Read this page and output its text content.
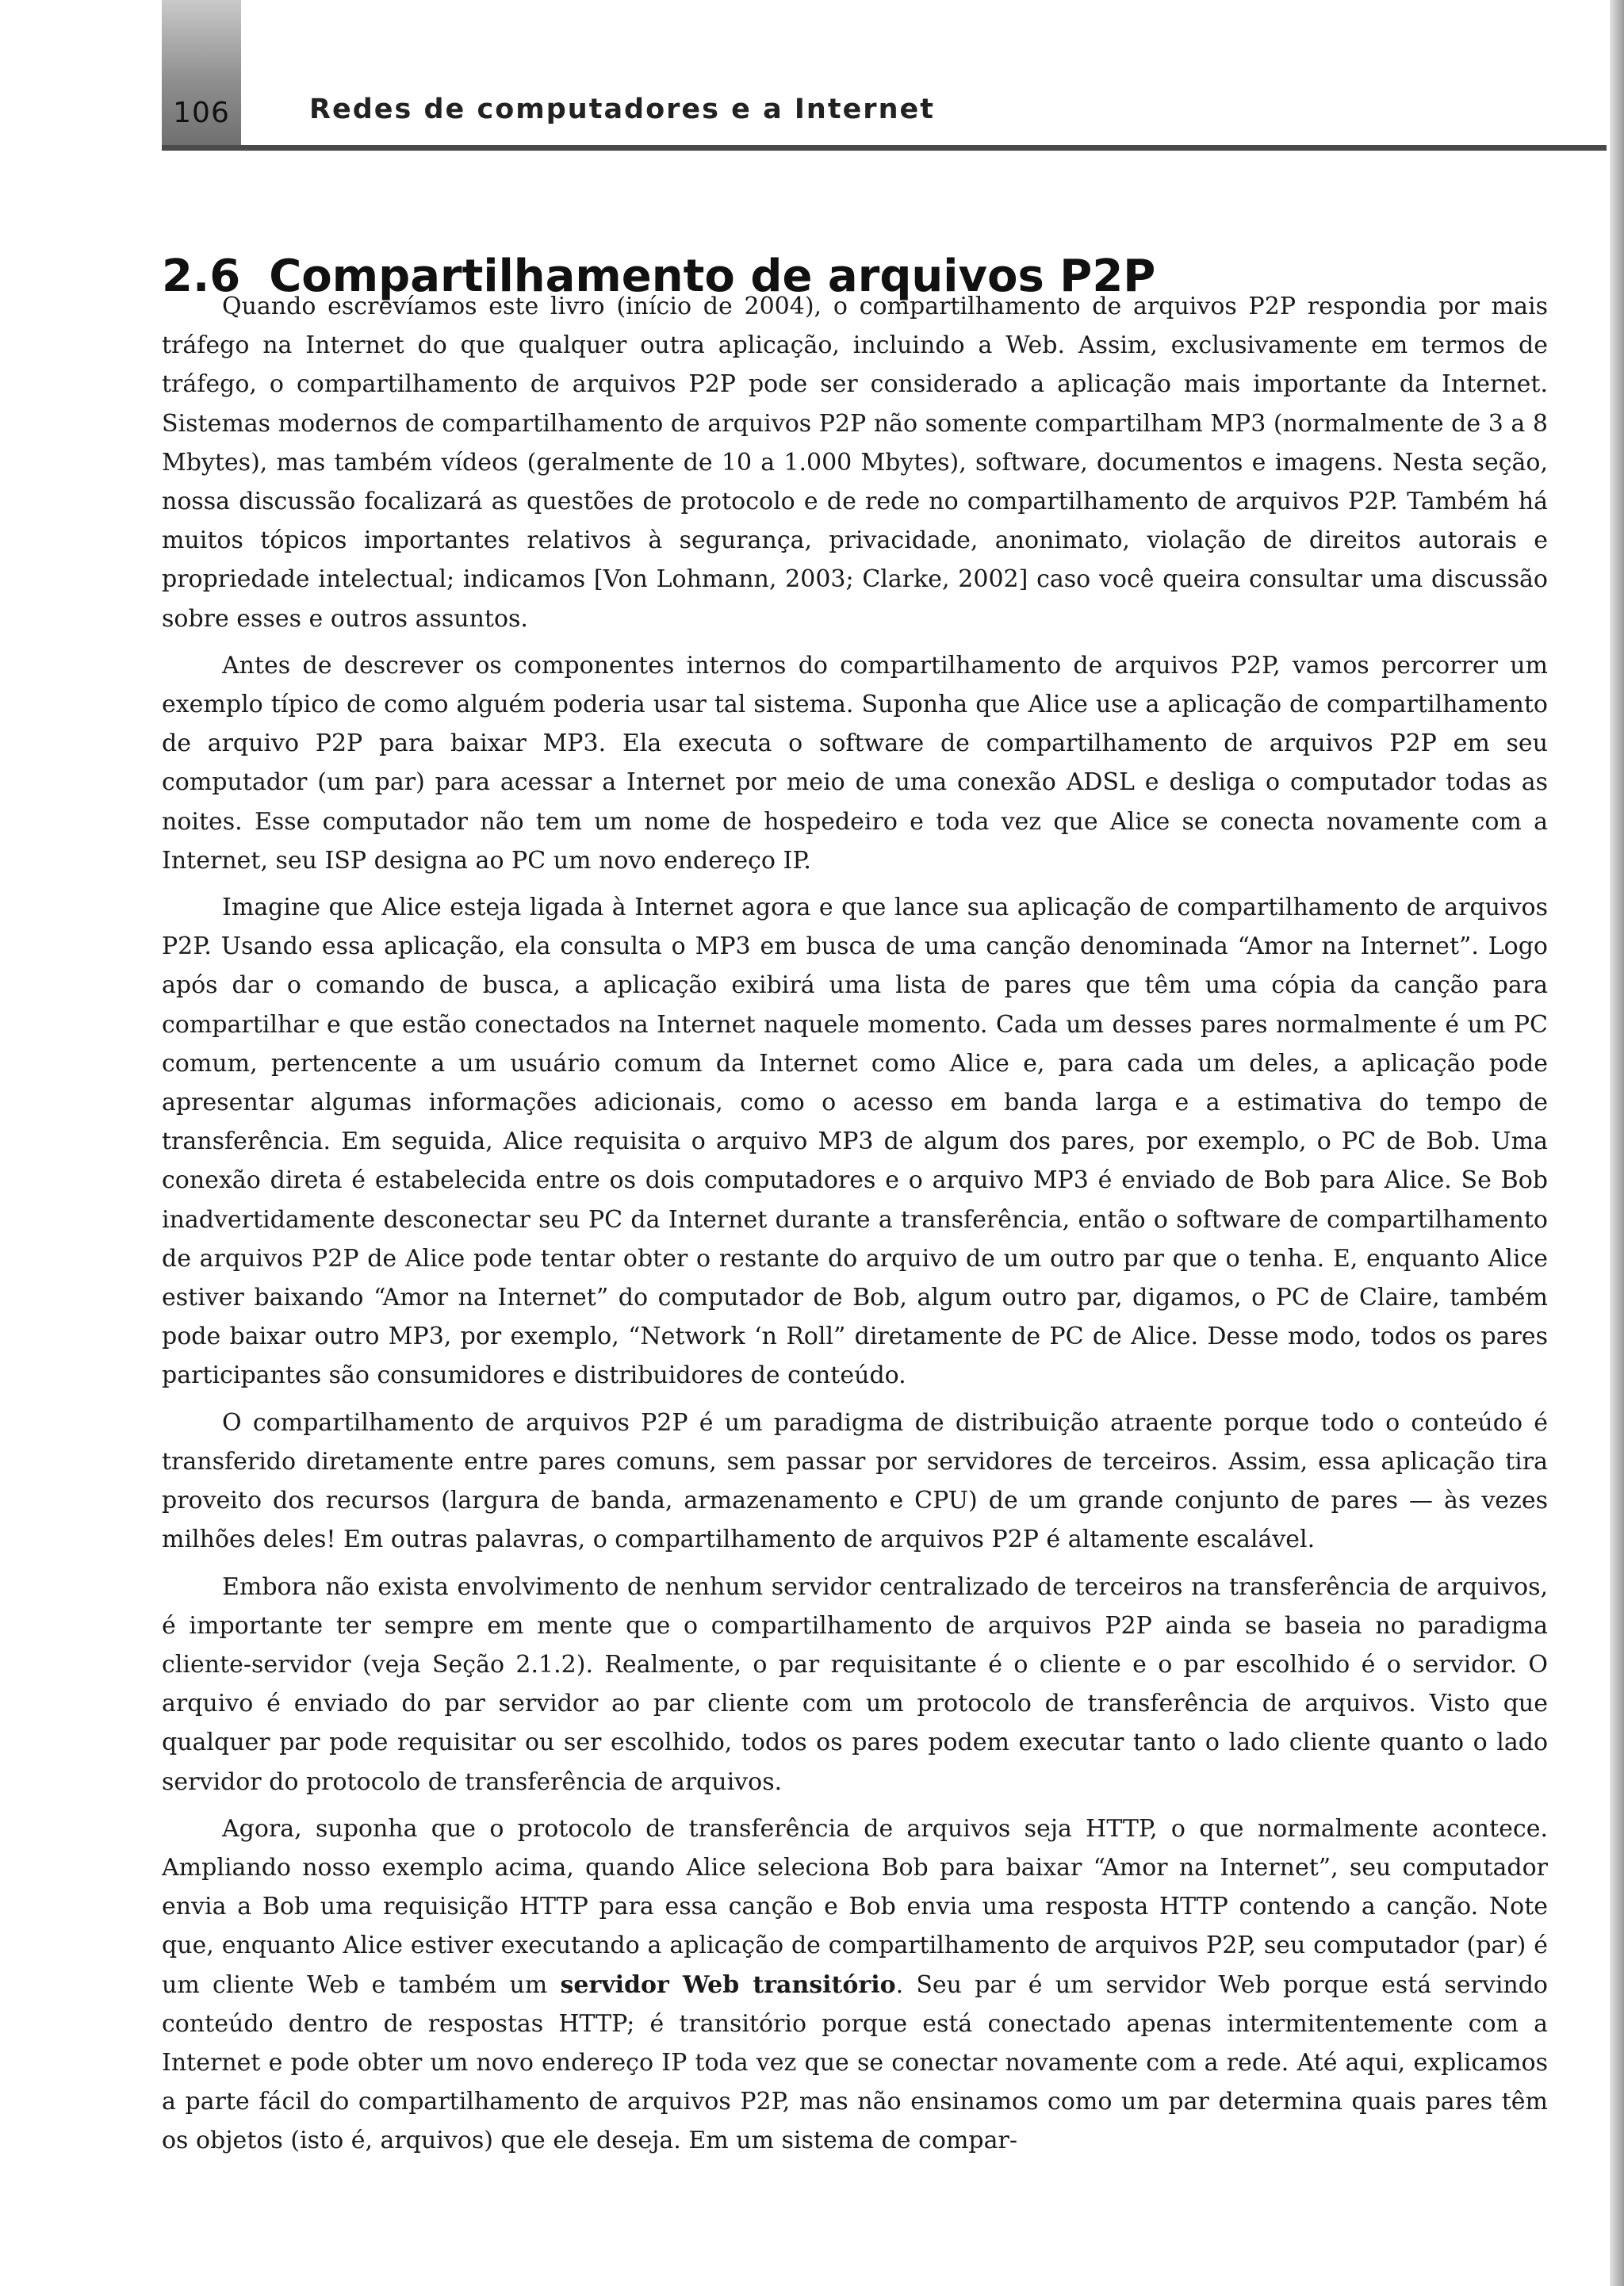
106	Redes de computadores e a Internet
2.6 Compartilhamento de arquivos P2P

Quando escrevíamos este livro (início de 2004), o compartilhamento de arquivos P2P respondia por mais tráfego na Internet do que qualquer outra aplicação, incluindo a Web. Assim, exclusivamente em termos de tráfego, o compartilhamento de arquivos P2P pode ser considerado a aplicação mais importante da Internet. Sistemas modernos de compartilhamento de arquivos P2P não somente compartilham MP3 (normalmente de 3 a 8 Mbytes), mas também vídeos (geralmente de 10 a 1.000 Mbytes), software, documentos e imagens. Nesta seção, nossa discussão focalizará as questões de protocolo e de rede no compartilhamento de arquivos P2P. Também há muitos tópicos importantes relativos à segurança, privacidade, anonimato, violação de direitos autorais e propriedade intelectual; indicamos [Von Lohmann, 2003; Clarke, 2002] caso você queira consultar uma discussão sobre esses e outros assuntos.

Antes de descrever os componentes internos do compartilhamento de arquivos P2P, vamos percorrer um exemplo típico de como alguém poderia usar tal sistema. Suponha que Alice use a aplicação de compartilhamento de arquivo P2P para baixar MP3. Ela executa o software de compartilhamento de arquivos P2P em seu computador (um par) para acessar a Internet por meio de uma conexão ADSL e desliga o computador todas as noites. Esse computador não tem um nome de hospedeiro e toda vez que Alice se conecta novamente com a Internet, seu ISP designa ao PC um novo endereço IP.

Imagine que Alice esteja ligada à Internet agora e que lance sua aplicação de compartilhamento de arquivos P2P. Usando essa aplicação, ela consulta o MP3 em busca de uma canção denominada “Amor na Internet”. Logo após dar o comando de busca, a aplicação exibirá uma lista de pares que têm uma cópia da canção para compartilhar e que estão conectados na Internet naquele momento. Cada um desses pares normalmente é um PC comum, pertencente a um usuário comum da Internet como Alice e, para cada um deles, a aplicação pode apresentar algumas informações adicionais, como o acesso em banda larga e a estimativa do tempo de transferência. Em seguida, Alice requisita o arquivo MP3 de algum dos pares, por exemplo, o PC de Bob. Uma conexão direta é estabelecida entre os dois computadores e o arquivo MP3 é enviado de Bob para Alice. Se Bob inadvertidamente desconectar seu PC da Internet durante a transferência, então o software de compartilhamento de arquivos P2P de Alice pode tentar obter o restante do arquivo de um outro par que o tenha. E, enquanto Alice estiver baixando “Amor na Internet” do computador de Bob, algum outro par, digamos, o PC de Claire, também pode baixar outro MP3, por exemplo, “Network ‘n Roll” diretamente de PC de Alice. Desse modo, todos os pares participantes são consumidores e distribuidores de conteúdo.

O compartilhamento de arquivos P2P é um paradigma de distribuição atraente porque todo o conteúdo é transferido diretamente entre pares comuns, sem passar por servidores de terceiros. Assim, essa aplicação tira proveito dos recursos (largura de banda, armazenamento e CPU) de um grande conjunto de pares — às vezes milhões deles! Em outras palavras, o compartilhamento de arquivos P2P é altamente escalável.

Embora não exista envolvimento de nenhum servidor centralizado de terceiros na transferência de arquivos, é importante ter sempre em mente que o compartilhamento de arquivos P2P ainda se baseia no paradigma cliente-servidor (veja Seção 2.1.2). Realmente, o par requisitante é o cliente e o par escolhido é o servidor. O arquivo é enviado do par servidor ao par cliente com um protocolo de transferência de arquivos. Visto que qualquer par pode requisitar ou ser escolhido, todos os pares podem executar tanto o lado cliente quanto o lado servidor do protocolo de transferência de arquivos.

Agora, suponha que o protocolo de transferência de arquivos seja HTTP, o que normalmente acontece. Ampliando nosso exemplo acima, quando Alice seleciona Bob para baixar “Amor na Internet”, seu computador envia a Bob uma requisição HTTP para essa canção e Bob envia uma resposta HTTP contendo a canção. Note que, enquanto Alice estiver executando a aplicação de compartilhamento de arquivos P2P, seu computador (par) é um cliente Web e também um servidor Web transitório. Seu par é um servidor Web porque está servindo conteúdo dentro de respostas HTTP; é transitório porque está conectado apenas intermitentemente com a Internet e pode obter um novo endereço IP toda vez que se conectar novamente com a rede. Até aqui, explicamos a parte fácil do compartilhamento de arquivos P2P, mas não ensinamos como um par determina quais pares têm os objetos (isto é, arquivos) que ele deseja. Em um sistema de compar-
